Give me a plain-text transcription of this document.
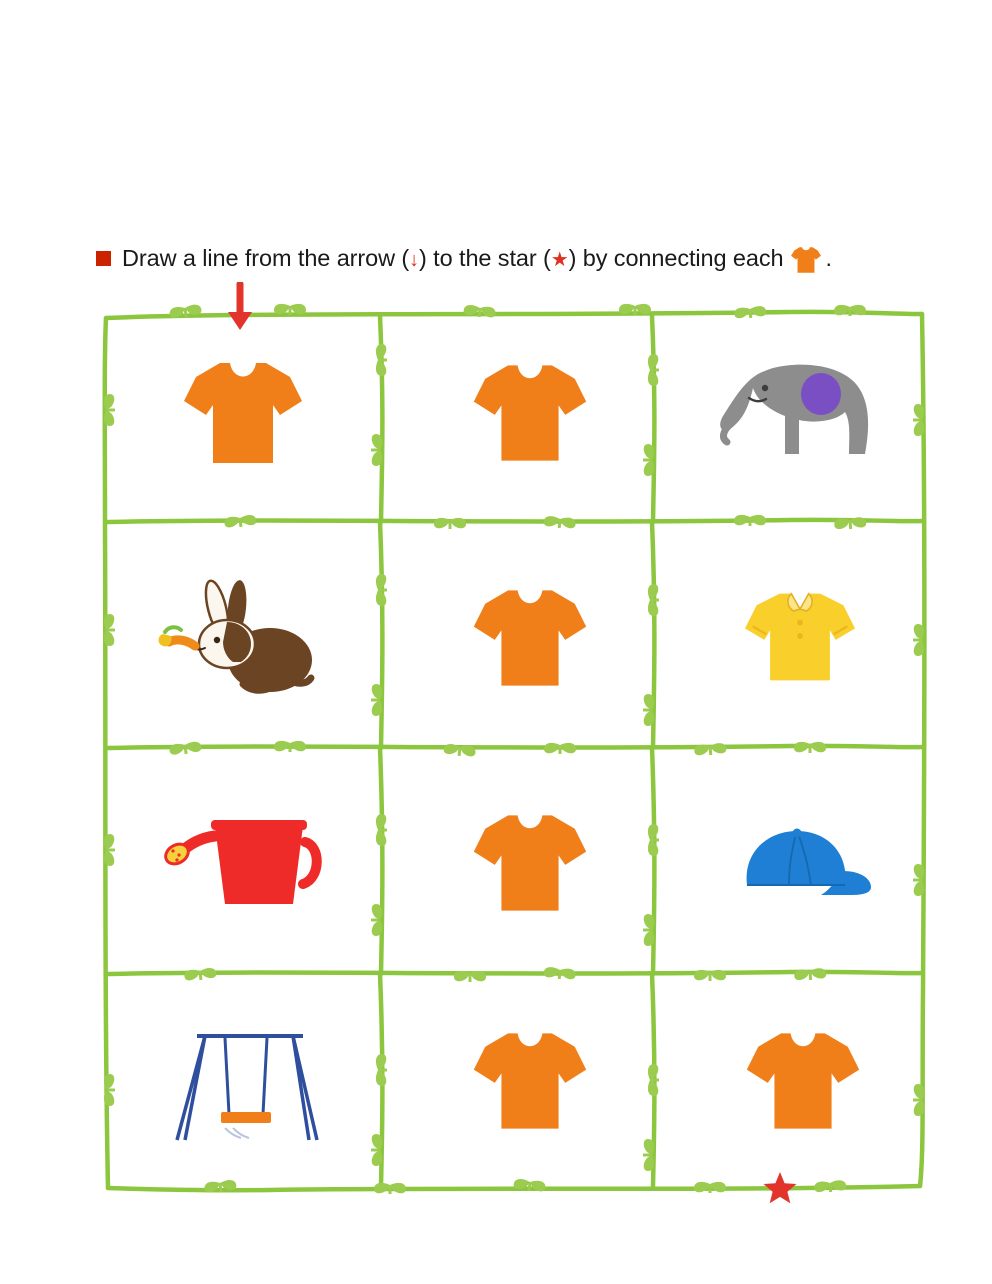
Draw a line from the arrow (↓) to the star (★) by connecting each .
